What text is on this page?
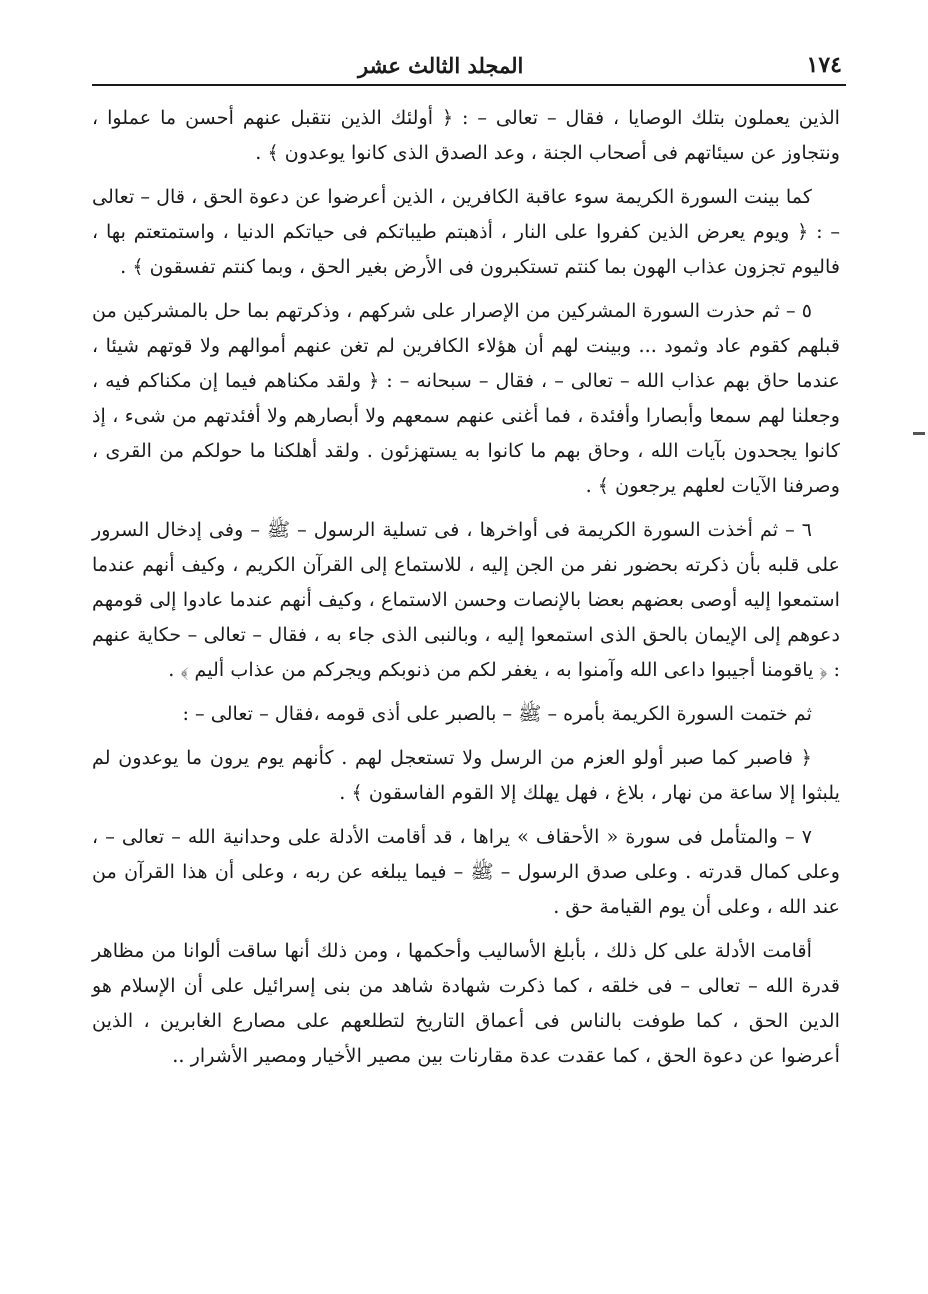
١٧٤
المجلد الثالث عشر

الذين يعملون بتلك الوصايا ، فقال – تعالى – : ﴿ أولئك الذين نتقبل عنهم أحسن ما عملوا ، ونتجاوز عن سيئاتهم فى أصحاب الجنة ، وعد الصدق الذى كانوا يوعدون ﴾ .

كما بينت السورة الكريمة سوء عاقبة الكافرين ، الذين أعرضوا عن دعوة الحق ، قال – تعالى – : ﴿ ويوم يعرض الذين كفروا على النار ، أذهبتم طيباتكم فى حياتكم الدنيا ، واستمتعتم بها ، فاليوم تجزون عذاب الهون بما كنتم تستكبرون فى الأرض بغير الحق ، وبما كنتم تفسقون ﴾ .

٥ – ثم حذرت السورة المشركين من الإصرار على شركهم ، وذكرتهم بما حل بالمشركين من قبلهم كقوم عاد وثمود ... وبينت لهم أن هؤلاء الكافرين لم تغن عنهم أموالهم ولا قوتهم شيئا ، عندما حاق بهم عذاب الله – تعالى – ، فقال – سبحانه – : ﴿ ولقد مكناهم فيما إن مكناكم فيه ، وجعلنا لهم سمعا وأبصارا وأفئدة ، فما أغنى عنهم سمعهم ولا أبصارهم ولا أفئدتهم من شىء ، إذ كانوا يجحدون بآيات الله ، وحاق بهم ما كانوا به يستهزئون . ولقد أهلكنا ما حولكم من القرى ، وصرفنا الآيات لعلهم يرجعون ﴾ .

٦ – ثم أخذت السورة الكريمة فى أواخرها ، فى تسلية الرسول – ﷺ – وفى إدخال السرور على قلبه بأن ذكرته بحضور نفر من الجن إليه ، للاستماع إلى القرآن الكريم ، وكيف أنهم عندما استمعوا إليه أوصى بعضهم بعضا بالإنصات وحسن الاستماع ، وكيف أنهم عندما عادوا إلى قومهم دعوهم إلى الإيمان بالحق الذى استمعوا إليه ، وبالنبى الذى جاء به ، فقال – تعالى – حكاية عنهم : ﴿ ياقومنا أجيبوا داعى الله وآمنوا به ، يغفر لكم من ذنوبكم ويجركم من عذاب أليم ﴾ .

ثم ختمت السورة الكريمة بأمره – ﷺ – بالصبر على أذى قومه ،فقال – تعالى – :

﴿ فاصبر كما صبر أولو العزم من الرسل ولا تستعجل لهم . كأنهم يوم يرون ما يوعدون لم يلبثوا إلا ساعة من نهار ، بلاغ ، فهل يهلك إلا القوم الفاسقون ﴾ .

٧ – والمتأمل فى سورة « الأحقاف » يراها ، قد أقامت الأدلة على وحدانية الله – تعالى – ، وعلى كمال قدرته . وعلى صدق الرسول – ﷺ – فيما يبلغه عن ربه ، وعلى أن هذا القرآن من عند الله ، وعلى أن يوم القيامة حق .

أقامت الأدلة على كل ذلك ، بأبلغ الأساليب وأحكمها ، ومن ذلك أنها ساقت ألوانا من مظاهر قدرة الله – تعالى – فى خلقه ، كما ذكرت شهادة شاهد من بنى إسرائيل على أن الإسلام هو الدين الحق ، كما طوفت بالناس فى أعماق التاريخ لتطلعهم على مصارع الغابرين ، الذين أعرضوا عن دعوة الحق ، كما عقدت عدة مقارنات بين مصير الأخيار ومصير الأشرار ..
